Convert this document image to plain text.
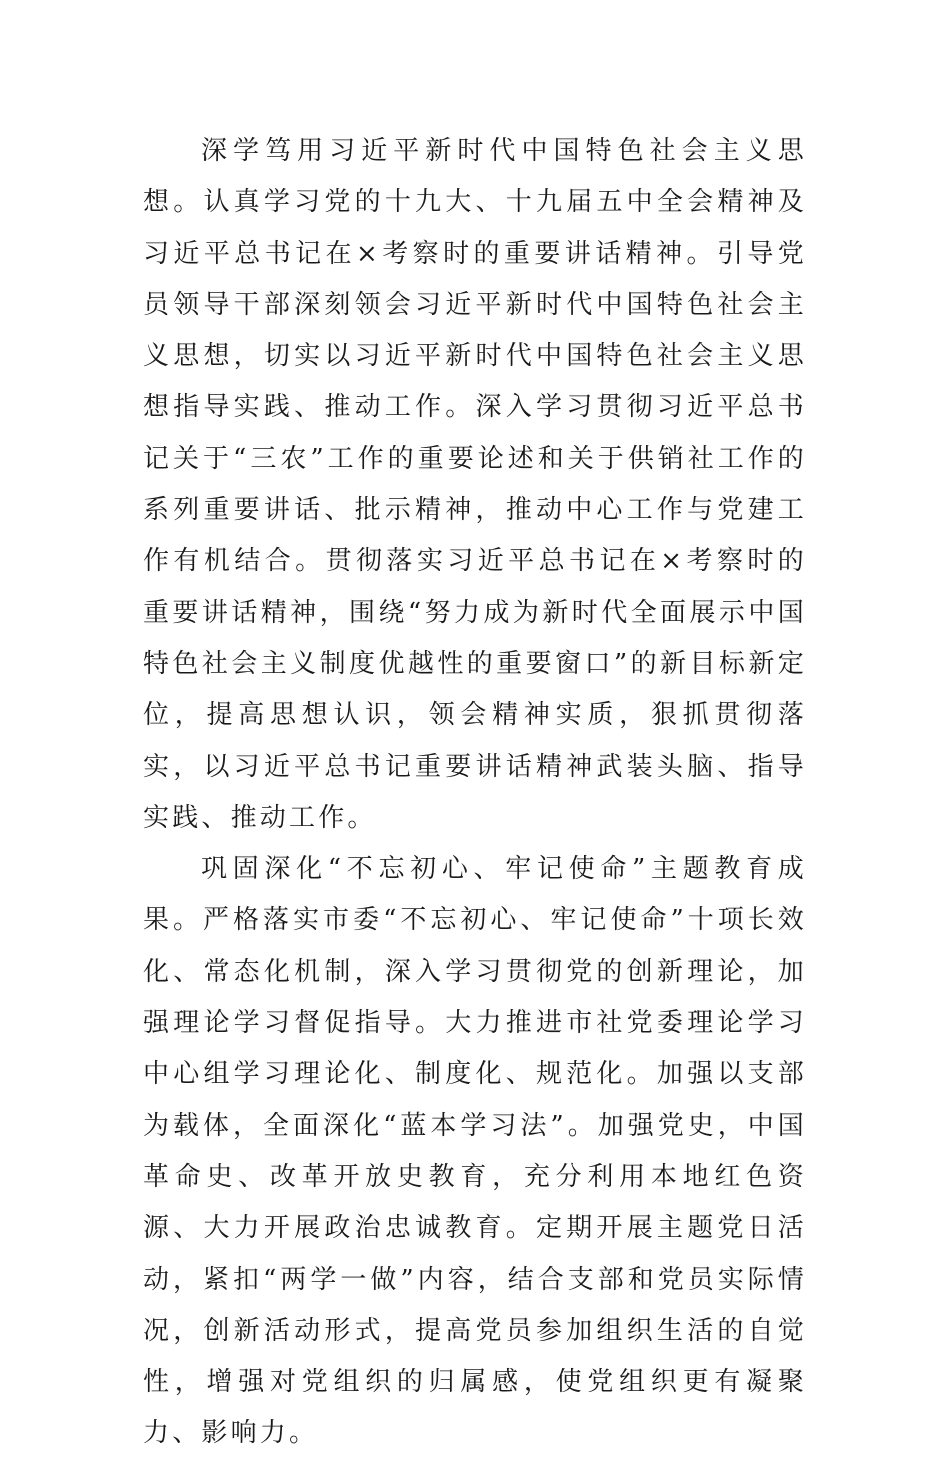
深学笃用习近平新时代中国特色社会主义思想。认真学习党的十九大、十九届五中全会精神及习近平总书记在×考察时的重要讲话精神。引导党员领导干部深刻领会习近平新时代中国特色社会主义思想，切实以习近平新时代中国特色社会主义思想指导实践、推动工作。深入学习贯彻习近平总书记关于“三农”工作的重要论述和关于供销社工作的系列重要讲话、批示精神，推动中心工作与党建工作有机结合。贯彻落实习近平总书记在×考察时的重要讲话精神，围绕“努力成为新时代全面展示中国特色社会主义制度优越性的重要窗口”的新目标新定位，提高思想认识，领会精神实质，狠抓贯彻落实，以习近平总书记重要讲话精神武装头脑、指导实践、推动工作。

巩固深化“不忘初心、牢记使命”主题教育成果。严格落实市委“不忘初心、牢记使命”十项长效化、常态化机制，深入学习贯彻党的创新理论，加强理论学习督促指导。大力推进市社党委理论学习中心组学习理论化、制度化、规范化。加强以支部为载体，全面深化“蓝本学习法”。加强党史，中国革命史、改革开放史教育，充分利用本地红色资源、大力开展政治忠诚教育。定期开展主题党日活动，紧扣“两学一做”内容，结合支部和党员实际情况，创新活动形式，提高党员参加组织生活的自觉性，增强对党组织的归属感，使党组织更有凝聚力、影响力。
